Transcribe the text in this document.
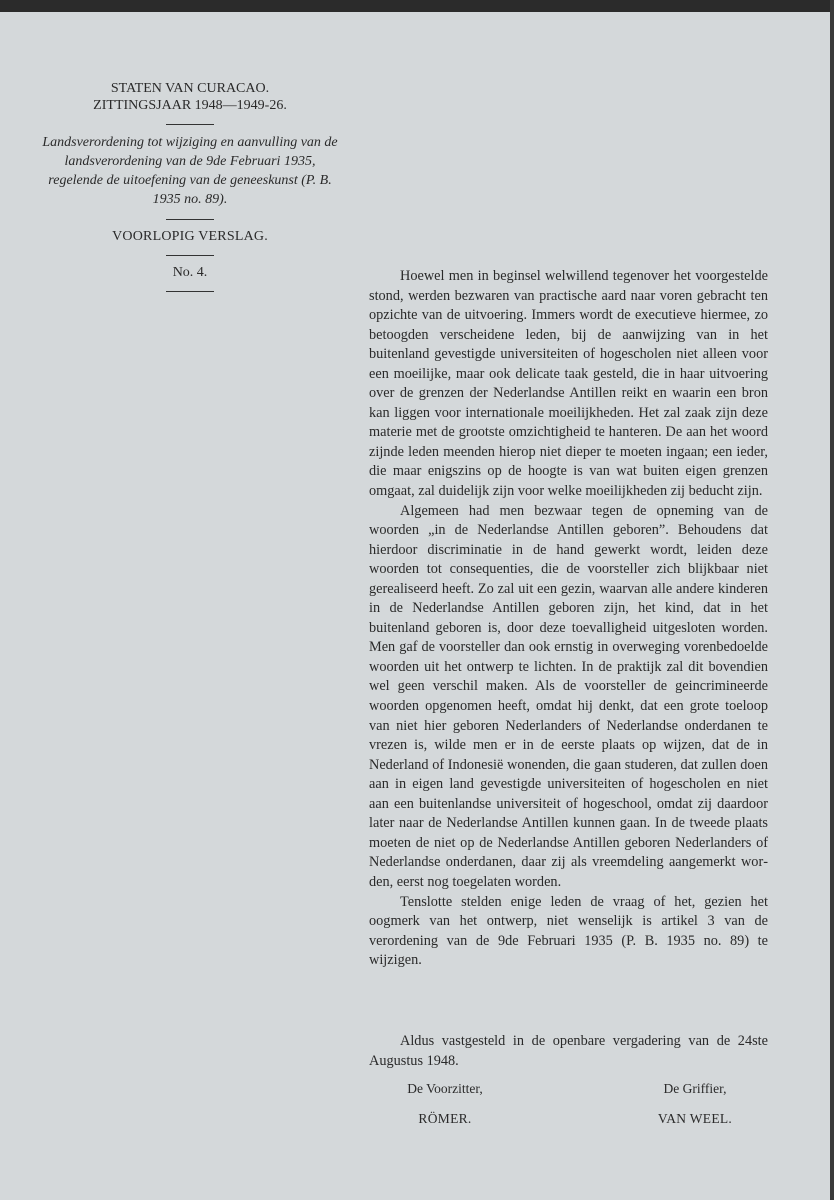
STATEN VAN CURACAO.
ZITTINGSJAAR 1948—1949-26.
Landsverordening tot wijziging en aanvulling van de landsverordening van de 9de Februari 1935, regelende de uitoefening van de geneeskunst (P. B. 1935 no. 89).
VOORLOPIG VERSLAG.
No. 4.	Hoewel men in beginsel welwillend tegenover het voorgestelde stond, werden bezwaren van practische aard naar voren gebracht ten opzichte van de uitvoering. Immers wordt de executieve hiermee, zo betoogden verscheidene leden, bij de aanwijzing van in het buitenland gevestigde universiteiten of hogescholen niet alleen voor een moeilijke, maar ook delicate taak gesteld, die in haar uitvoering over de grenzen der Nederlandse Antillen reikt en waarin een bron kan liggen voor internationale moeilijkheden. Het zal zaak zijn deze materie met de grootste omzichtigheid te hanteren. De aan het woord zijnde leden meenden hierop niet dieper te moeten ingaan; een ieder, die maar enigszins op de hoogte is van wat buiten eigen grenzen omgaat, zal duidelijk zijn voor welke moeilijkheden zij beducht zijn.

Algemeen had men bezwaar tegen de opneming van de woorden „in de Nederlandse Antillen geboren”. Behoudens dat hierdoor discriminatie in de hand gewerkt wordt, leiden deze woorden tot consequenties, die de voorsteller zich blijkbaar niet gerealiseerd heeft. Zo zal uit een gezin, waarvan alle andere kinderen in de Nederlandse Antillen geboren zijn, het kind, dat in het buitenland geboren is, door deze toevalligheid uitgesloten worden. Men gaf de voorsteller dan ook ernstig in overweging vorenbedoelde woorden uit het ontwerp te lichten. In de praktijk zal dit bovendien wel geen verschil maken. Als de voorsteller de geincrimineerde woorden opgenomen heeft, omdat hij denkt, dat een grote toeloop van niet hier geboren Nederlanders of Nederlandse onderdanen te vrezen is, wilde men er in de eerste plaats op wijzen, dat de in Nederland of Indonesië wonenden, die gaan studeren, dat zullen doen aan in eigen land gevestigde universiteiten of hogescholen en niet aan een buitenlandse universiteit of hogeschool, omdat zij daardoor later naar de Nederlandse Antillen kunnen gaan. In de tweede plaats moeten de niet op de Nederlandse Antillen geboren Nederlanders of Nederlandse onderdanen, daar zij als vreemdeling aangemerkt worden, eerst nog toegelaten worden.

Tenslotte stelden enige leden de vraag of het, gezien het oogmerk van het ontwerp, niet wenselijk is artikel 3 van de verordening van de 9de Februari 1935 (P. B. 1935 no. 89) te wijzigen.

Aldus vastgesteld in de openbare vergadering van de 24ste Augustus 1948.

De Voorzitter,
RÖMER.
De Griffier,
VAN WEEL.
